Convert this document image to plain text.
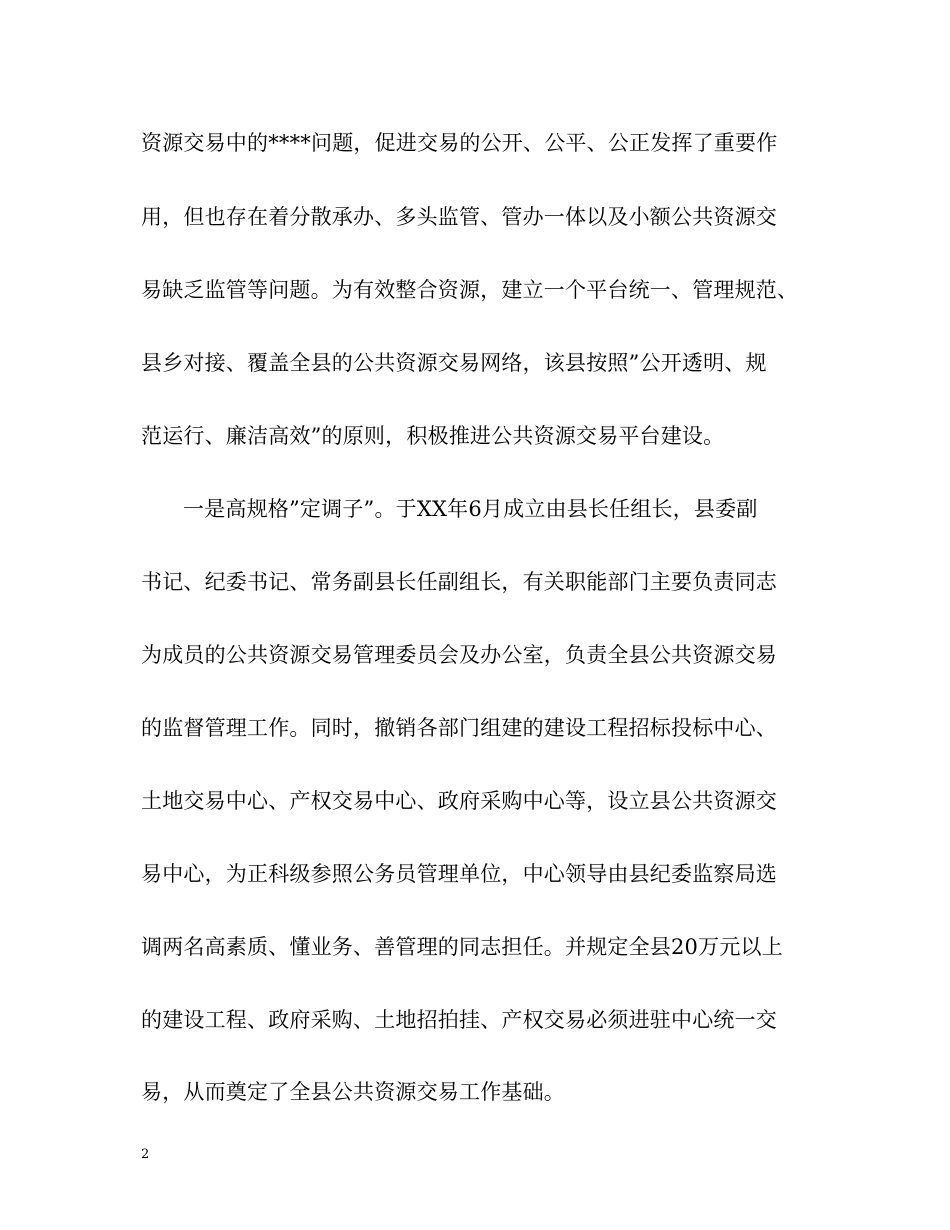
资源交易中的****问题，促进交易的公开、公平、公正发挥了重要作
用，但也存在着分散承办、多头监管、管办一体以及小额公共资源交
易缺乏监管等问题。为有效整合资源，建立一个平台统一、管理规范、
县乡对接、覆盖全县的公共资源交易网络，该县按照”公开透明、规
范运行、廉洁高效”的原则，积极推进公共资源交易平台建设。
一是高规格”定调子”。于XX年6月成立由县长任组长，县委副
书记、纪委书记、常务副县长任副组长，有关职能部门主要负责同志
为成员的公共资源交易管理委员会及办公室，负责全县公共资源交易
的监督管理工作。同时，撤销各部门组建的建设工程招标投标中心、
土地交易中心、产权交易中心、政府采购中心等，设立县公共资源交
易中心，为正科级参照公务员管理单位，中心领导由县纪委监察局选
调两名高素质、懂业务、善管理的同志担任。并规定全县20万元以上
的建设工程、政府采购、土地招拍挂、产权交易必须进驻中心统一交
易，从而奠定了全县公共资源交易工作基础。
2
